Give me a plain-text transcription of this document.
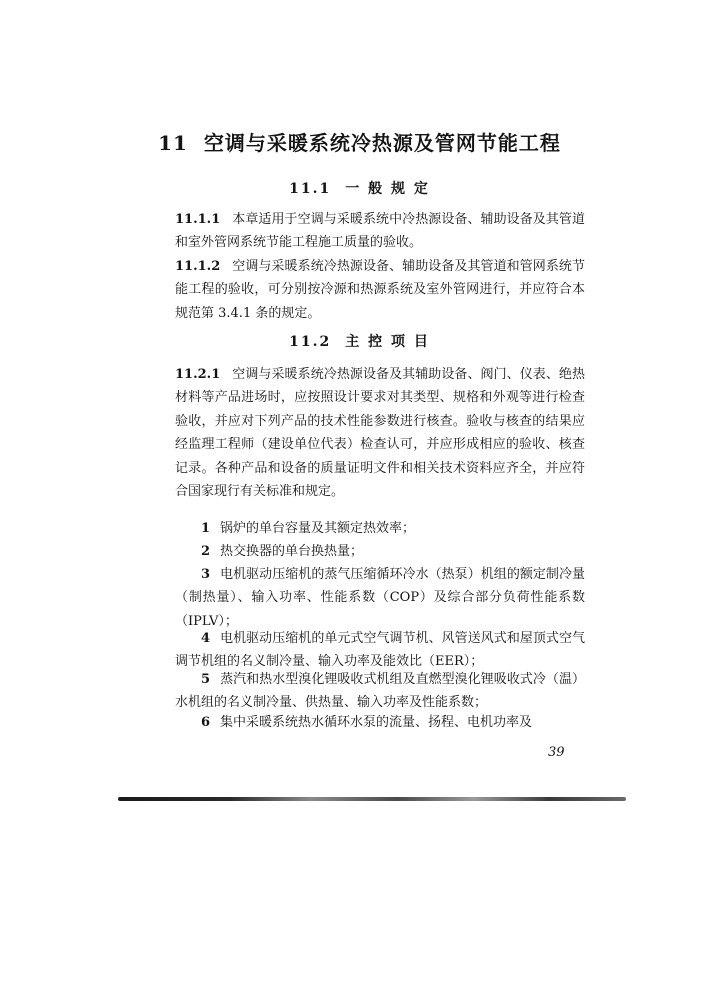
11 空调与采暖系统冷热源及管网节能工程
11.1 一 般 规 定
11.1.1 本章适用于空调与采暖系统中冷热源设备、辅助设备及其管道和室外管网系统节能工程施工质量的验收。
11.1.2 空调与采暖系统冷热源设备、辅助设备及其管道和管网系统节能工程的验收，可分别按冷源和热源系统及室外管网进行，并应符合本规范第 3.4.1 条的规定。
11.2 主 控 项 目
11.2.1 空调与采暖系统冷热源设备及其辅助设备、阀门、仪表、绝热材料等产品进场时，应按照设计要求对其类型、规格和外观等进行检查验收，并应对下列产品的技术性能参数进行核查。验收与核查的结果应经监理工程师（建设单位代表）检查认可，并应形成相应的验收、核查记录。各种产品和设备的质量证明文件和相关技术资料应齐全，并应符合国家现行有关标准和规定。
1 锅炉的单台容量及其额定热效率；
2 热交换器的单台换热量；
3 电机驱动压缩机的蒸气压缩循环冷水（热泵）机组的额定制冷量（制热量）、输入功率、性能系数（COP）及综合部分负荷性能系数（IPLV）；
4 电机驱动压缩机的单元式空气调节机、风管送风式和屋顶式空气调节机组的名义制冷量、输入功率及能效比（EER）；
5 蒸汽和热水型溴化锂吸收式机组及直燃型溴化锂吸收式冷（温）水机组的名义制冷量、供热量、输入功率及性能系数；
6 集中采暖系统热水循环水泵的流量、扬程、电机功率及
39
